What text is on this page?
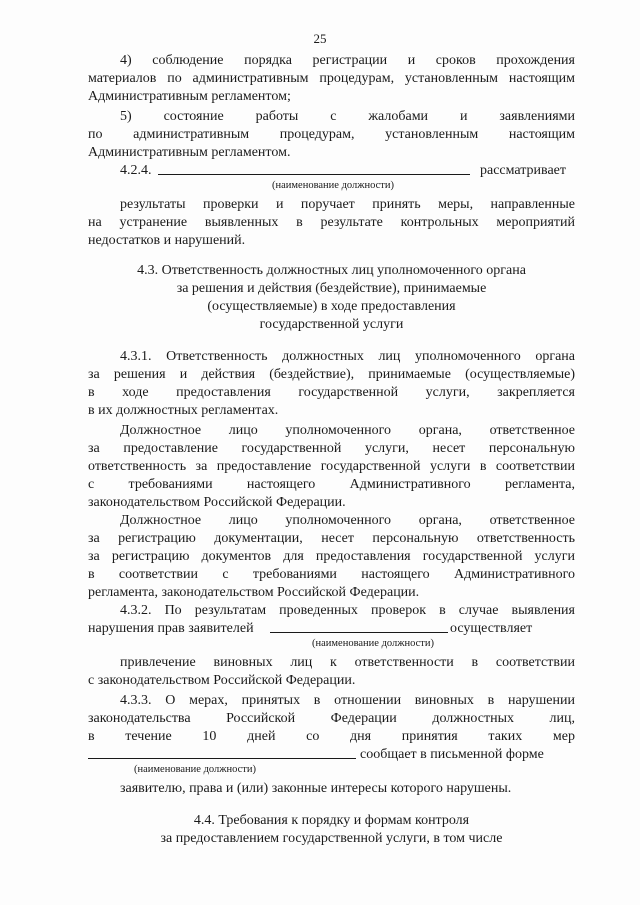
25
4) соблюдение порядка регистрации и сроков прохождения
материалов по административным процедурам, установленным настоящим
Административным регламентом;
5) состояние работы с жалобами и заявлениями
по административным процедурам, установленным настоящим
Административным регламентом.
4.2.4.	рассматривает
(наименование должности)
результаты проверки и поручает принять меры, направленные
на устранение выявленных в результате контрольных мероприятий
недостатков и нарушений.
4.3. Ответственность должностных лиц уполномоченного органа
за решения и действия (бездействие), принимаемые
(осуществляемые) в ходе предоставления
государственной услуги
4.3.1. Ответственность должностных лиц уполномоченного органа
за решения и действия (бездействие), принимаемые (осуществляемые)
в ходе предоставления государственной услуги, закрепляется
в их должностных регламентах.
Должностное лицо уполномоченного органа, ответственное
за предоставление государственной услуги, несет персональную
ответственность за предоставление государственной услуги в соответствии
с требованиями настоящего Административного регламента,
законодательством Российской Федерации.
Должностное лицо уполномоченного органа, ответственное
за регистрацию документации, несет персональную ответственность
за регистрацию документов для предоставления государственной услуги
в соответствии с требованиями настоящего Административного
регламента, законодательством Российской Федерации.
4.3.2. По результатам проведенных проверок в случае выявления
нарушения прав заявителей	осуществляет
(наименование должности)
привлечение виновных лиц к ответственности в соответствии
с законодательством Российской Федерации.
4.3.3. О мерах, принятых в отношении виновных в нарушении
законодательства Российской Федерации должностных лиц,
в течение 10 дней со дня принятия таких мер
сообщает в письменной форме
(наименование должности)
заявителю, права и (или) законные интересы которого нарушены.
4.4. Требования к порядку и формам контроля
за предоставлением государственной услуги, в том числе
